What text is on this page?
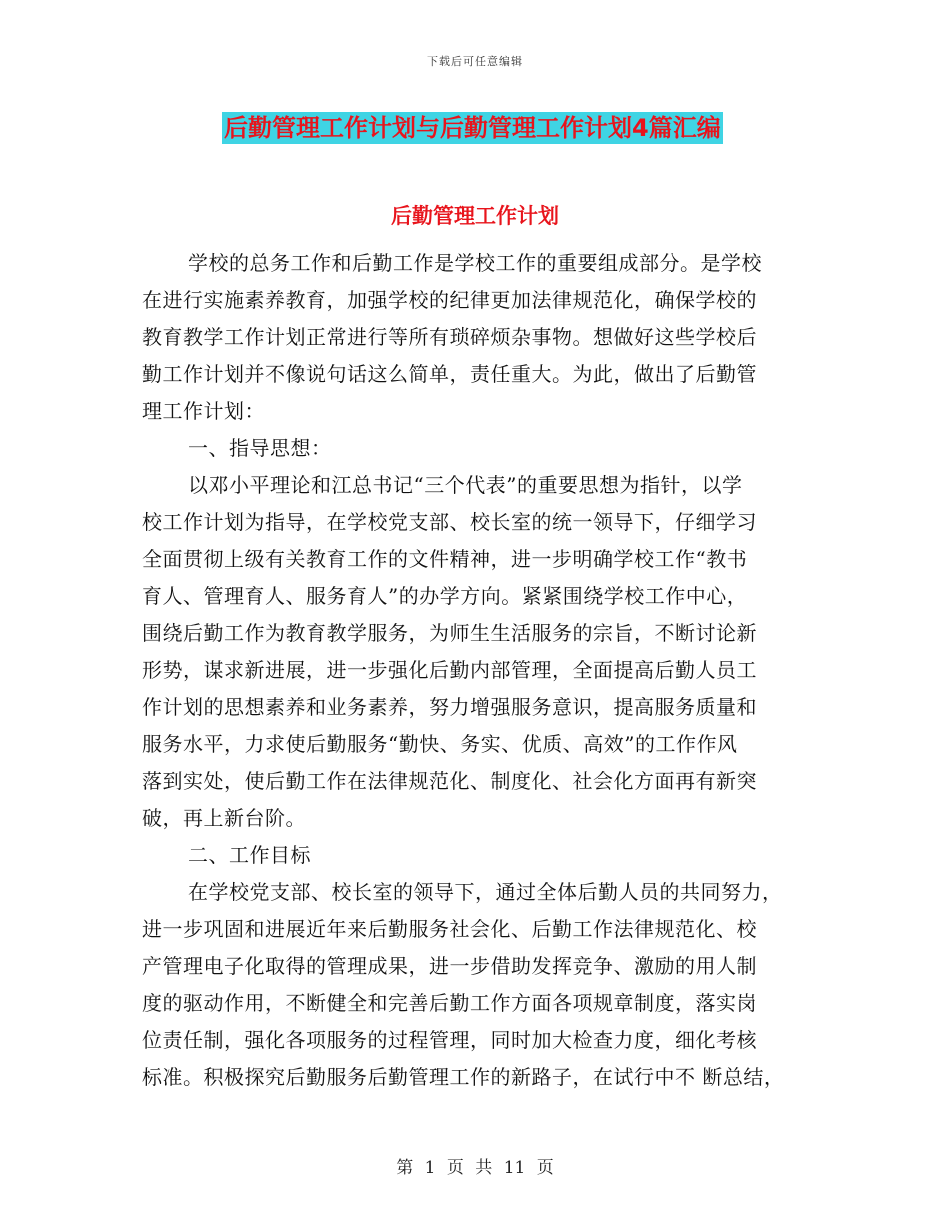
下载后可任意编辑
后勤管理工作计划与后勤管理工作计划4篇汇编
后勤管理工作计划
学校的总务工作和后勤工作是学校工作的重要组成部分。是学校
在进行实施素养教育，加强学校的纪律更加法律规范化，确保学校的
教育教学工作计划正常进行等所有琐碎烦杂事物。想做好这些学校后
勤工作计划并不像说句话这么简单，责任重大。为此，做出了后勤管
理工作计划：
一、指导思想：
以邓小平理论和江总书记“三个代表”的重要思想为指针，以学
校工作计划为指导，在学校党支部、校长室的统一领导下，仔细学习
全面贯彻上级有关教育工作的文件精神，进一步明确学校工作“教书
育人、管理育人、服务育人”的办学方向。紧紧围绕学校工作中心，
围绕后勤工作为教育教学服务，为师生生活服务的宗旨，不断讨论新
形势，谋求新进展，进一步强化后勤内部管理，全面提高后勤人员工
作计划的思想素养和业务素养，努力增强服务意识，提高服务质量和
服务水平，力求使后勤服务“勤快、务实、优质、高效”的工作作风
落到实处，使后勤工作在法律规范化、制度化、社会化方面再有新突
破，再上新台阶。
二、工作目标
在学校党支部、校长室的领导下，通过全体后勤人员的共同努力，
进一步巩固和进展近年来后勤服务社会化、后勤工作法律规范化、校
产管理电子化取得的管理成果，进一步借助发挥竞争、激励的用人制
度的驱动作用，不断健全和完善后勤工作方面各项规章制度，落实岗
位责任制，强化各项服务的过程管理，同时加大检查力度，细化考核
标准。积极探究后勤服务后勤管理工作的新路子，在试行中不 断总结，
第 1 页 共 11 页
